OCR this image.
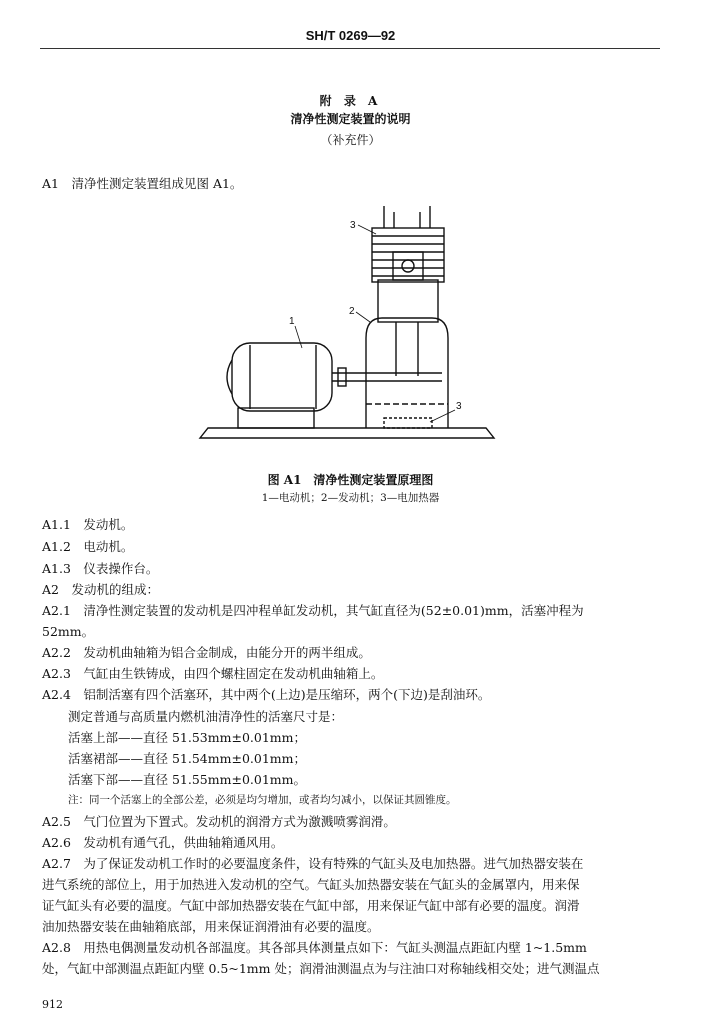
SH/T 0269—92
附 录 A
清净性测定装置的说明
（补充件）
A1　清净性测定装置组成见图 A1。
1
2
3
3
图 A1　清净性测定装置原理图
1—电动机；2—发动机；3—电加热器
A1.1　发动机。
A1.2　电动机。
A1.3　仪表操作台。
A2　发动机的组成：
A2.1　清净性测定装置的发动机是四冲程单缸发动机，其气缸直径为(52±0.01)mm，活塞冲程为
52mm。
A2.2　发动机曲轴箱为铝合金制成，由能分开的两半组成。
A2.3　气缸由生铁铸成，由四个螺柱固定在发动机曲轴箱上。
A2.4　铝制活塞有四个活塞环，其中两个(上边)是压缩环，两个(下边)是刮油环。
测定普通与高质量内燃机油清净性的活塞尺寸是：
活塞上部——直径 51.53mm±0.01mm；
活塞裙部——直径 51.54mm±0.01mm；
活塞下部——直径 51.55mm±0.01mm。
注：同一个活塞上的全部公差，必须是均匀增加，或者均匀减小，以保证其圆锥度。
A2.5　气门位置为下置式。发动机的润滑方式为激溅喷雾润滑。
A2.6　发动机有通气孔，供曲轴箱通风用。
A2.7　为了保证发动机工作时的必要温度条件，设有特殊的气缸头及电加热器。进气加热器安装在
进气系统的部位上，用于加热进入发动机的空气。气缸头加热器安装在气缸头的金属罩内，用来保
证气缸头有必要的温度。气缸中部加热器安装在气缸中部，用来保证气缸中部有必要的温度。润滑
油加热器安装在曲轴箱底部，用来保证润滑油有必要的温度。
A2.8　用热电偶测量发动机各部温度。其各部具体测量点如下：气缸头测温点距缸内壁 1~1.5mm
处，气缸中部测温点距缸内壁 0.5~1mm 处；润滑油测温点为与注油口对称轴线相交处；进气测温点
912
